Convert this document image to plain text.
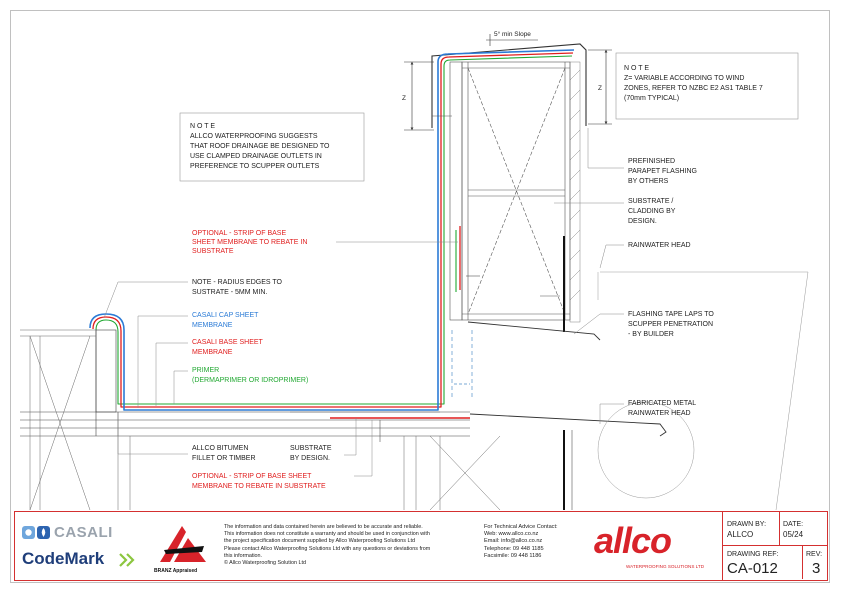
Z
Z
5° min Slope
N O T E
ALLCO WATERPROOFING SUGGESTS THAT ROOF DRAINAGE BE DESIGNED TO USE CLAMPED DRAINAGE OUTLETS IN PREFERENCE TO SCUPPER OUTLETS
N O T E
Z= VARIABLE ACCORDING TO WIND ZONES, REFER TO NZBC E2 AS1 TABLE 7 (70mm TYPICAL)
OPTIONAL - STRIP OF BASE SHEET MEMBRANE TO REBATE IN SUBSTRATE
NOTE - RADIUS EDGES TO SUSTRATE - 5MM MIN.
CASALI CAP SHEET MEMBRANE
CASALI BASE SHEET MEMBRANE
PRIMER (DERMAPRIMER OR IDROPRIMER)
ALLCO BITUMEN FILLET OR TIMBER
SUBSTRATE BY DESIGN.
OPTIONAL - STRIP OF BASE SHEET MEMBRANE TO REBATE IN SUBSTRATE
PREFINISHED PARAPET FLASHING BY OTHERS
SUBSTRATE / CLADDING BY DESIGN.
RAINWATER HEAD
FLASHING TAPE LAPS TO SCUPPER PENETRATION - BY BUILDER
FABRICATED METAL RAINWATER HEAD
CASALI
CodeMark
BRANZ Appraised
The information and data contained herein are believed to be accurate and reliable.
This information does not constitute a warranty and should be used in conjunction with
the project specification document supplied by Allco Waterproofing Solutions Ltd
Please contact Allco Waterproofing Solutions Ltd with any questions or deviations from
this information.
© Allco Waterproofing Solution Ltd
For Technical Advice Contact:
Web: www.allco.co.nz
Email: info@allco.co.nz
Telephone: 09 448 1185
Facsimile: 09 448 1186	allco
WATERPROOFING SOLUTIONS LTD
DRAWN BY:
ALLCO
DATE:
05/24
DRAWING REF:
CA-012
REV:
3
